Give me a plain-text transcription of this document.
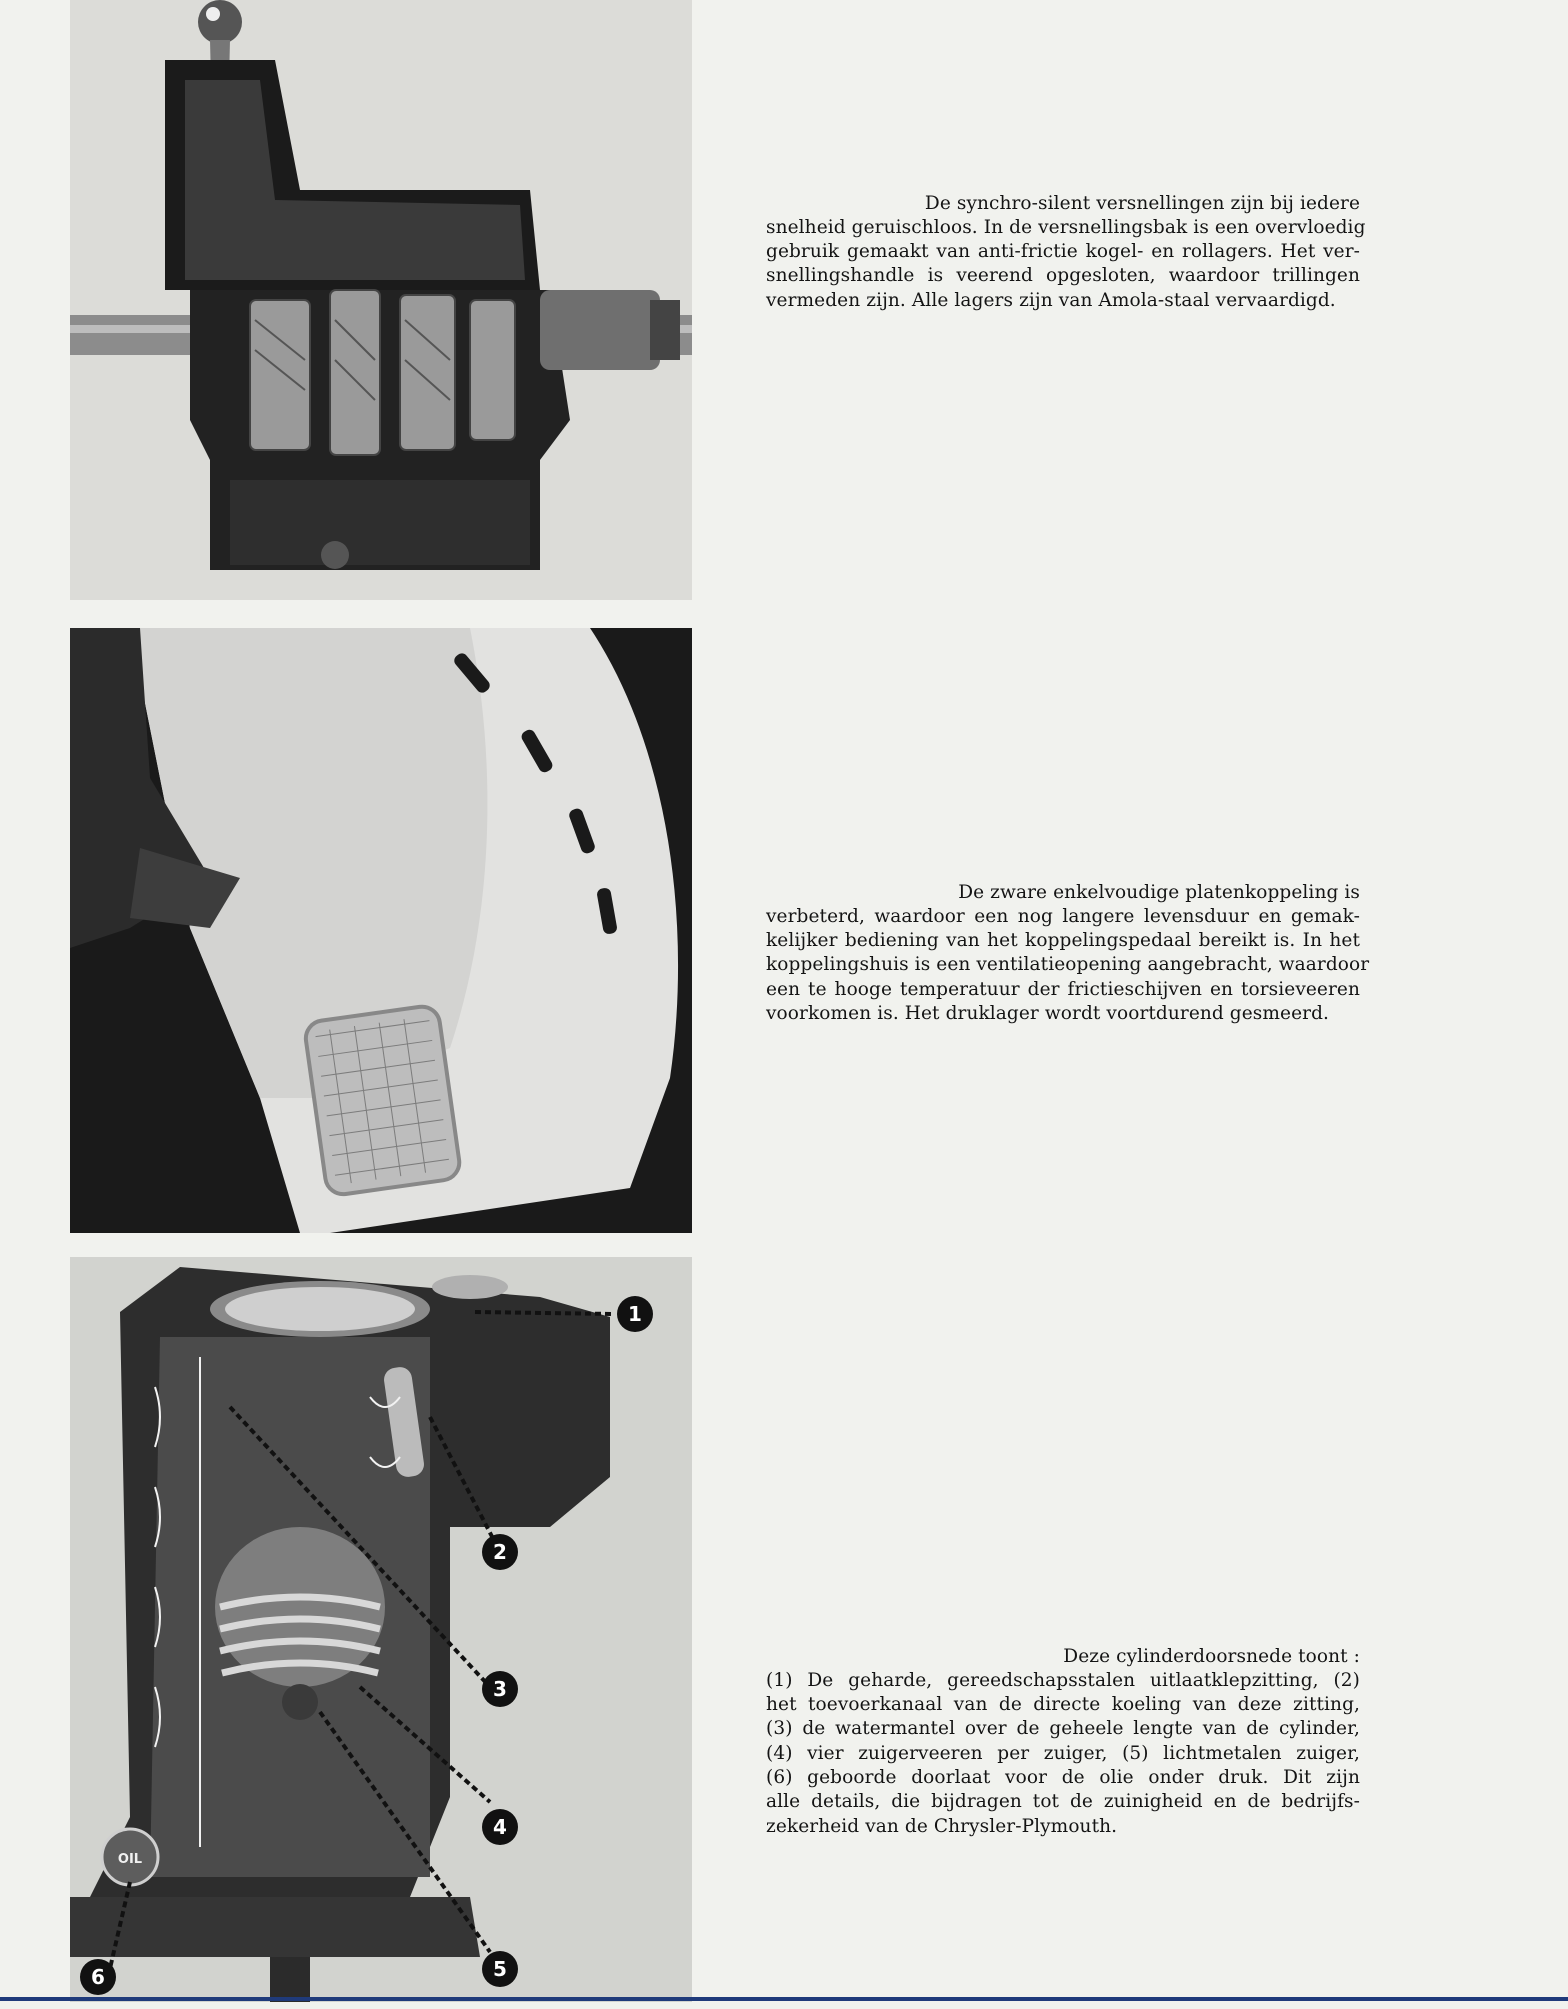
De synchro-silent versnellingen zijn bij iedere
snelheid geruischloos. In de versnellingsbak is een overvloedig
gebruik gemaakt van anti-frictie kogel- en rollagers. Het ver-
snellingshandle is veerend opgesloten, waardoor trillingen
vermeden zijn. Alle lagers zijn van Amola-staal vervaardigd.

De zware enkelvoudige platenkoppeling is
verbeterd, waardoor een nog langere levensduur en gemak-
kelijker bediening van het koppelingspedaal bereikt is. In het
koppelingshuis is een ventilatieopening aangebracht, waardoor
een te hooge temperatuur der frictieschijven en torsieveeren
voorkomen is. Het druklager wordt voortdurend gesmeerd.

OIL
1
2
3
4
5
6

Deze cylinderdoorsnede toont :
(1) De geharde, gereedschapsstalen uitlaatklepzitting, (2)
het toevoerkanaal van de directe koeling van deze zitting,
(3) de watermantel over de geheele lengte van de cylinder,
(4) vier zuigerveeren per zuiger, (5) lichtmetalen zuiger,
(6) geboorde doorlaat voor de olie onder druk. Dit zijn
alle details, die bijdragen tot de zuinigheid en de bedrijfs-
zekerheid van de Chrysler-Plymouth.
